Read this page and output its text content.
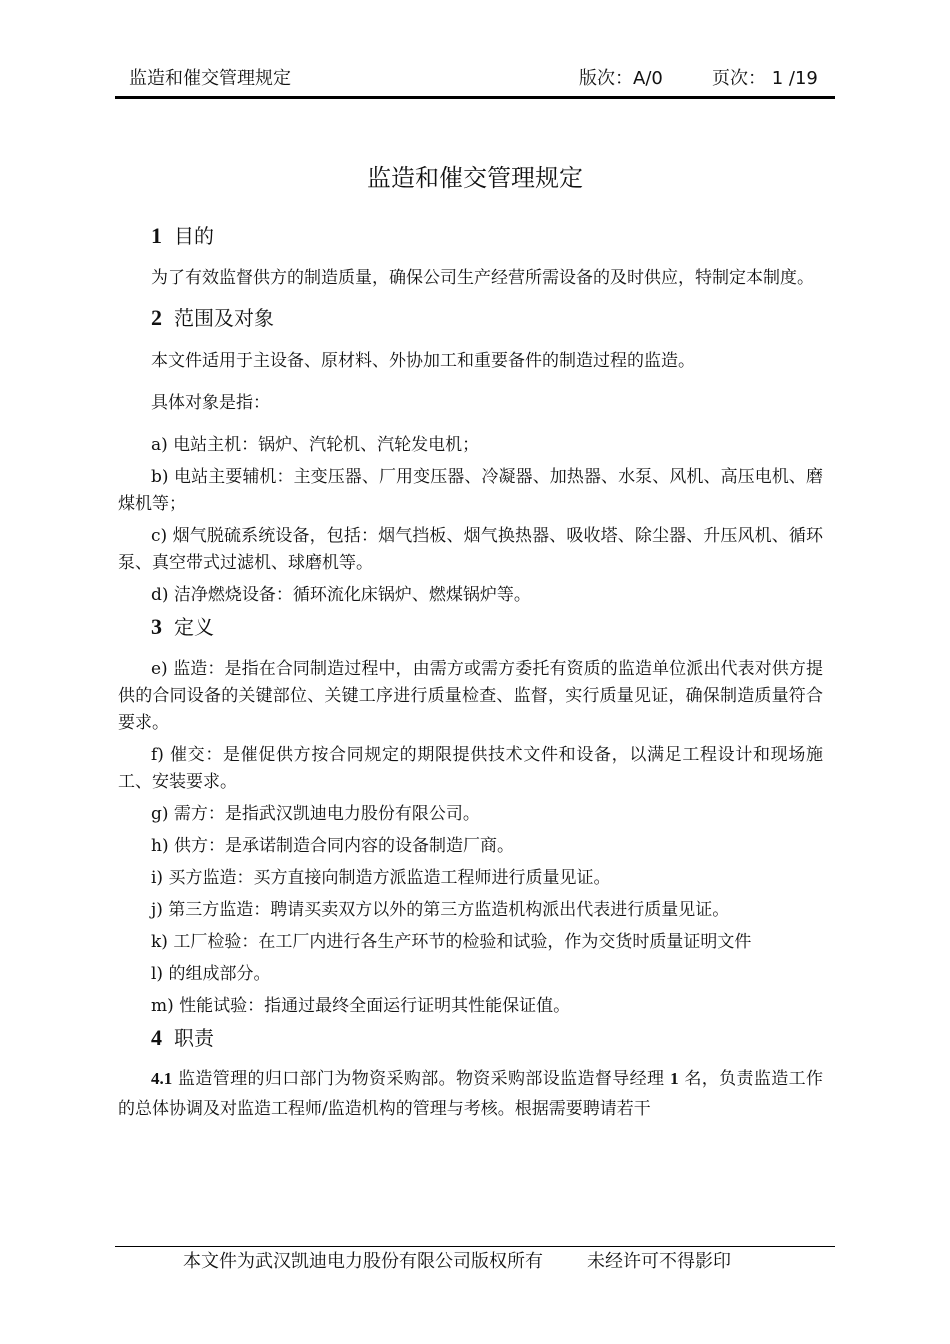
监造和催交管理规定	版次：A/0	页次： 1 /19
监造和催交管理规定
1 目的

为了有效监督供方的制造质量，确保公司生产经营所需设备的及时供应，特制定本制度。

2 范围及对象

本文件适用于主设备、原材料、外协加工和重要备件的制造过程的监造。

具体对象是指：

a) 电站主机：锅炉、汽轮机、汽轮发电机；

b) 电站主要辅机：主变压器、厂用变压器、冷凝器、加热器、水泵、风机、高压电机、磨煤机等；

c) 烟气脱硫系统设备，包括：烟气挡板、烟气换热器、吸收塔、除尘器、升压风机、循环泵、真空带式过滤机、球磨机等。

d) 洁净燃烧设备：循环流化床锅炉、燃煤锅炉等。

3 定义

e) 监造：是指在合同制造过程中，由需方或需方委托有资质的监造单位派出代表对供方提供的合同设备的关键部位、关键工序进行质量检查、监督，实行质量见证，确保制造质量符合要求。

f) 催交：是催促供方按合同规定的期限提供技术文件和设备，以满足工程设计和现场施工、安装要求。

g) 需方：是指武汉凯迪电力股份有限公司。

h) 供方：是承诺制造合同内容的设备制造厂商。

i) 买方监造：买方直接向制造方派监造工程师进行质量见证。

j) 第三方监造：聘请买卖双方以外的第三方监造机构派出代表进行质量见证。

k) 工厂检验：在工厂内进行各生产环节的检验和试验，作为交货时质量证明文件

l) 的组成部分。

m) 性能试验：指通过最终全面运行证明其性能保证值。

4 职责

4.1 监造管理的归口部门为物资采购部。物资采购部设监造督导经理 1 名，负责监造工作的总体协调及对监造工程师/监造机构的管理与考核。根据需要聘请若干

本文件为武汉凯迪电力股份有限公司版权所有 未经许可不得影印
